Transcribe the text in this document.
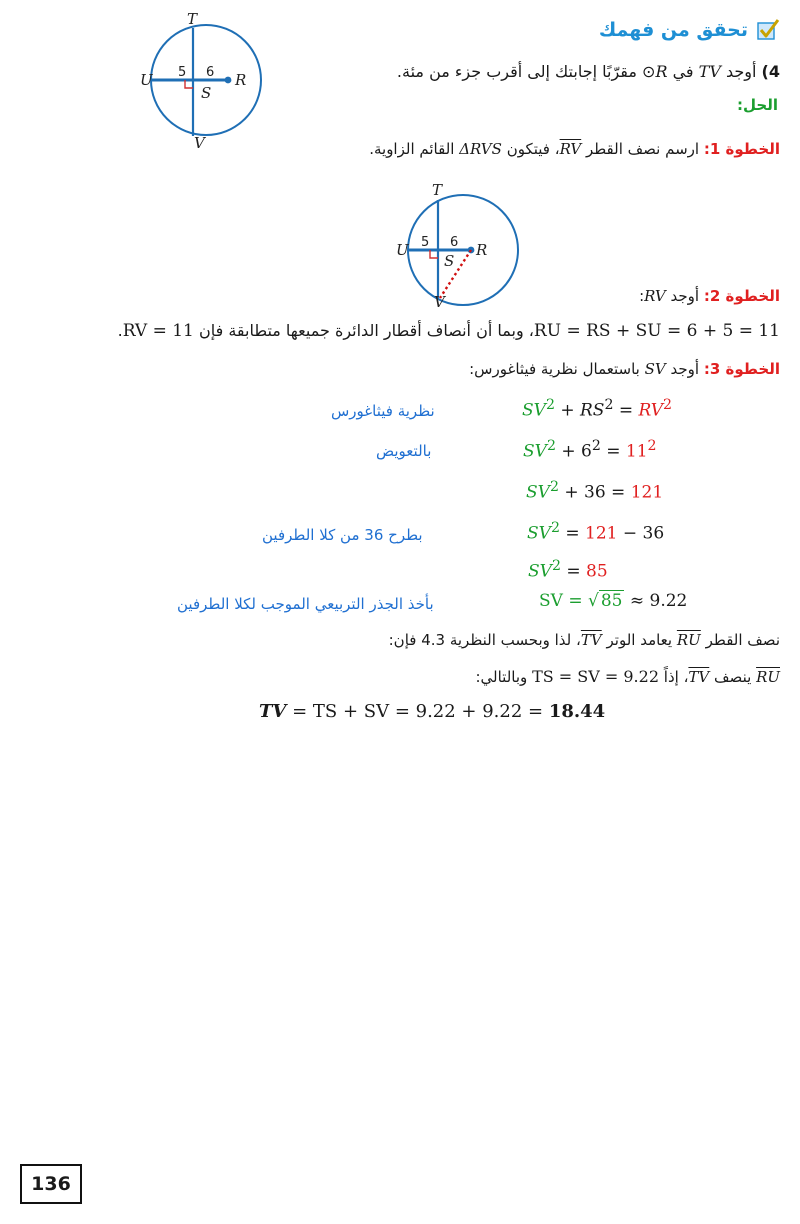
T
U	R
S
V
5 6
تحقق من فهمك
4) أوجد TV في ⊙R مقرّبًا إجابتك إلى أقرب جزء من مئة.
الحل:
الخطوة 1: ارسم نصف القطر RV، فيتكون ΔRVS القائم الزاوية.
T
U	R
S
V
5 6
الخطوة 2: أوجد RV:
RU = RS + SU = 6 + 5 = 11، وبما أن أنصاف أقطار الدائرة جميعها متطابقة فإن RV = 11.
الخطوة 3: أوجد SV باستعمال نظرية فيثاغورس:
$SV^2 + RS^2 = RV^2$
نظرية فيثاغورس
$SV^2 + 6^2 = 11^2$
بالتعويض
$SV^2 + 36 = 121$
$SV^2 = 121 - 36$
بطرح 36 من كلا الطرفين
$SV^2 = 85$
SV = √ 85 ≈ 9.22
بأخذ الجذر التربيعي الموجب لكلا الطرفين
نصف القطر RU يعامد الوتر TV، لذا وبحسب النظرية 4.3 فإن:
RU ينصف TV، إذاً TS = SV = 9.22 وبالتالي:
TV = TS + SV = 9.22 + 9.22 = 18.44
136
